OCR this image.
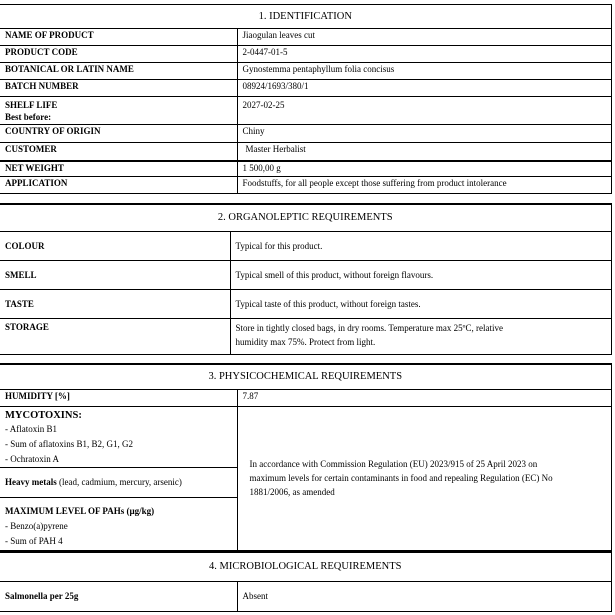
1. IDENTIFICATION	
NAME OF PRODUCT	Jiaogulan leaves cut
PRODUCT CODE	2-0447-01-5
BOTANICAL OR LATIN NAME	Gynostemma pentaphyllum folia concisus
BATCH NUMBER	08924/1693/380/1

SHELF LIFE
Best before:	2027-02-25
COUNTRY OF ORIGIN	Chiny
CUSTOMER	Master Herbalist
NET WEIGHT	1 500,00 g
APPLICATION	Foodstuffs, for all people except those suffering from product intolerance
2. ORGANOLEPTIC REQUIREMENTS	
COLOUR	Typical for this product.
SMELL	Typical smell of this product, without foreign flavours.
TASTE	Typical taste of this product, without foreign tastes.
STORAGE	Store in tightly closed bags, in dry rooms. Temperature max 25ºC, relative humidity max 75%. Protect from light.
3. PHYSICOCHEMICAL REQUIREMENTS	
HUMIDITY [%]	7.87

MYCOTOXINS:
- Aflatoxin B1
- Sum of aflatoxins B1, B2, G1, G2
- Ochratoxin A	In accordance with Commission Regulation (EU) 2023/915 of 25 April 2023 on maximum levels for certain contaminants in food and repealing Regulation (EC) No 1881/2006, as amended
Heavy metals (lead, cadmium, mercury, arsenic)	

MAXIMUM LEVEL OF PAHs (µg/kg)
- Benzo(a)pyrene
- Sum of PAH 4	
4. MICROBIOLOGICAL REQUIREMENTS
Salmonella per 25g	Absent
